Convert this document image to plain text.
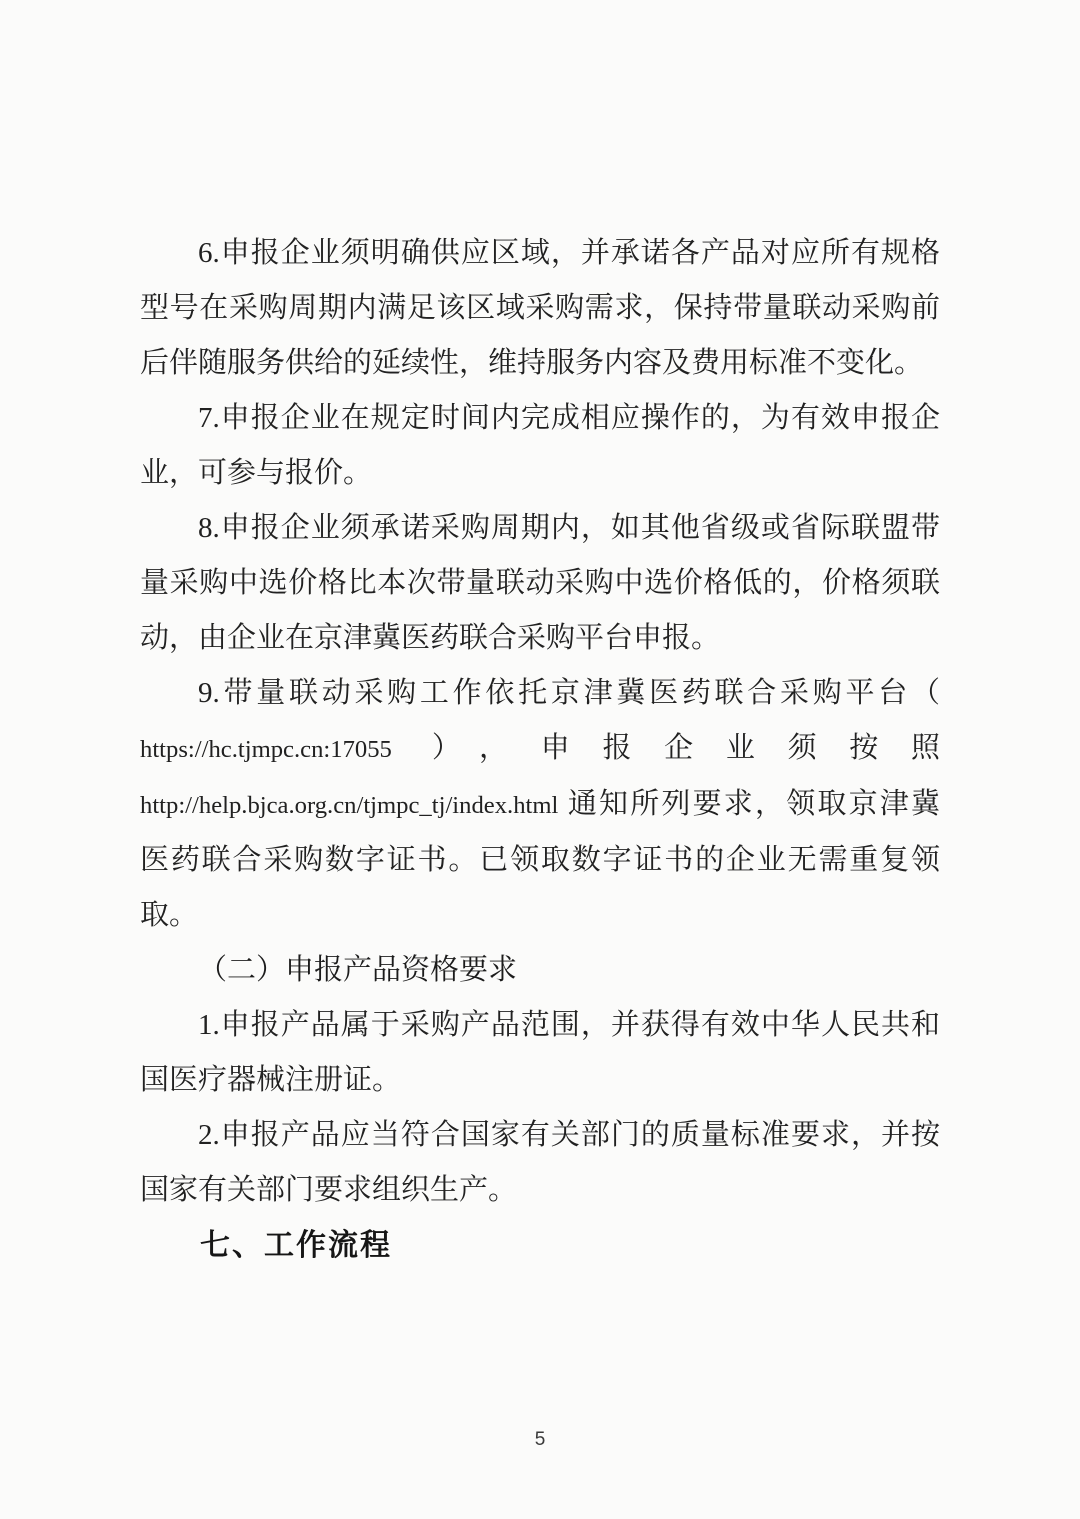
6.申报企业须明确供应区域，并承诺各产品对应所有规格型号在采购周期内满足该区域采购需求，保持带量联动采购前后伴随服务供给的延续性，维持服务内容及费用标准不变化。

7.申报企业在规定时间内完成相应操作的，为有效申报企业，可参与报价。

8.申报企业须承诺采购周期内，如其他省级或省际联盟带量采购中选价格比本次带量联动采购中选价格低的，价格须联动，由企业在京津冀医药联合采购平台申报。

9.带量联动采购工作依托京津冀医药联合采购平台（ https://hc.tjmpc.cn:17055 ），申报企业须按照 http://help.bjca.org.cn/tjmpc_tj/index.html 通知所列要求，领取京津冀医药联合采购数字证书。已领取数字证书的企业无需重复领取。

（二）申报产品资格要求

1.申报产品属于采购产品范围，并获得有效中华人民共和国医疗器械注册证。

2.申报产品应当符合国家有关部门的质量标准要求，并按国家有关部门要求组织生产。

七、工作流程
5
